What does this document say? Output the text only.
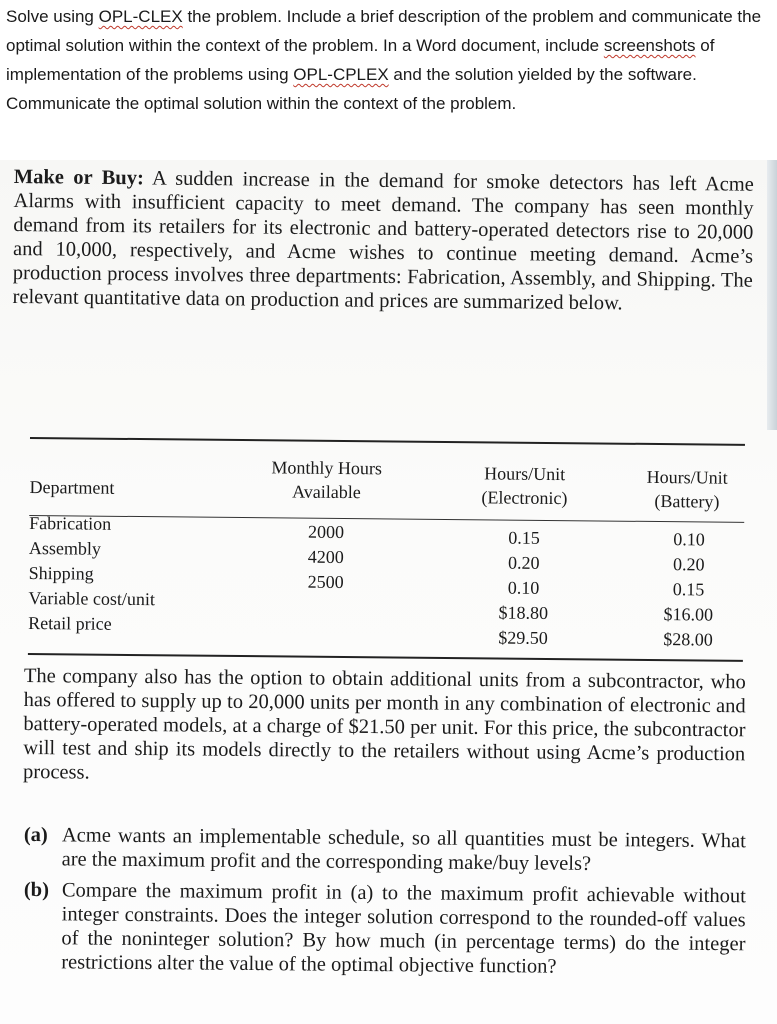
Solve using OPL-CLEX the problem. Include a brief description of the problem and communicate the optimal solution within the context of the problem. In a Word document, include screenshots of implementation of the problems using OPL-CPLEX and the solution yielded by the software. Communicate the optimal solution within the context of the problem.

Make or Buy: A sudden increase in the demand for smoke detectors has left Acme Alarms with insufficient capacity to meet demand. The company has seen monthly demand from its retailers for its electronic and battery-operated detectors rise to 20,000 and 10,000, respectively, and Acme wishes to continue meeting demand. Acme’s production process involves three departments: Fabrication, Assembly, and Shipping. The relevant quantitative data on production and prices are summarized below.

Department
Monthly Hours
Available
Hours/Unit
(Electronic)
Hours/Unit
(Battery)
Fabrication
Assembly
Shipping
Variable cost/unit
Retail price
2000
4200
2500
0.15
0.20
0.10
$18.80
$29.50
0.10
0.20
0.15
$16.00
$28.00

The company also has the option to obtain additional units from a subcontractor, who has offered to supply up to 20,000 units per month in any combination of electronic and battery-operated models, at a charge of $21.50 per unit. For this price, the subcontractor will test and ship its models directly to the retailers without using Acme’s production process.

(a) Acme wants an implementable schedule, so all quantities must be integers. What are the maximum profit and the corresponding make/buy levels?
(b) Compare the maximum profit in (a) to the maximum profit achievable without integer constraints. Does the integer solution correspond to the rounded-off values of the noninteger solution? By how much (in percentage terms) do the integer restrictions alter the value of the optimal objective function?
